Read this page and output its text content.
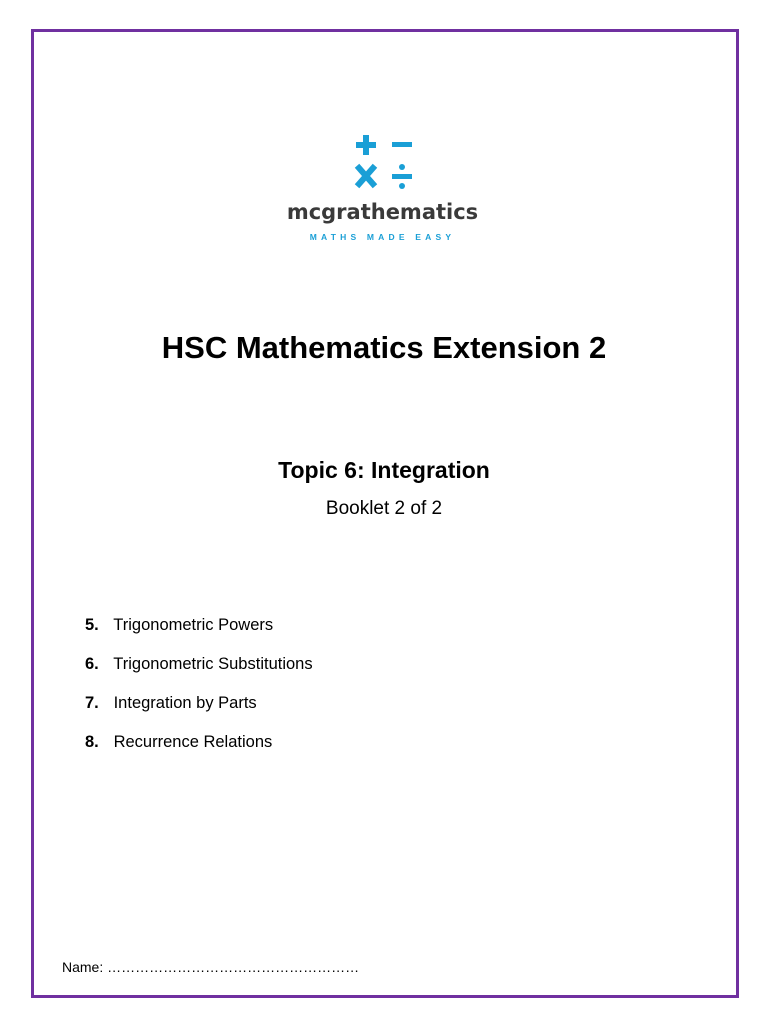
mcgrathematics
MATHS MADE EASY
HSC Mathematics Extension 2
Topic 6: Integration
Booklet 2 of 2
5. Trigonometric Powers
6. Trigonometric Substitutions
7. Integration by Parts
8. Recurrence Relations
Name: ………………………………………………
